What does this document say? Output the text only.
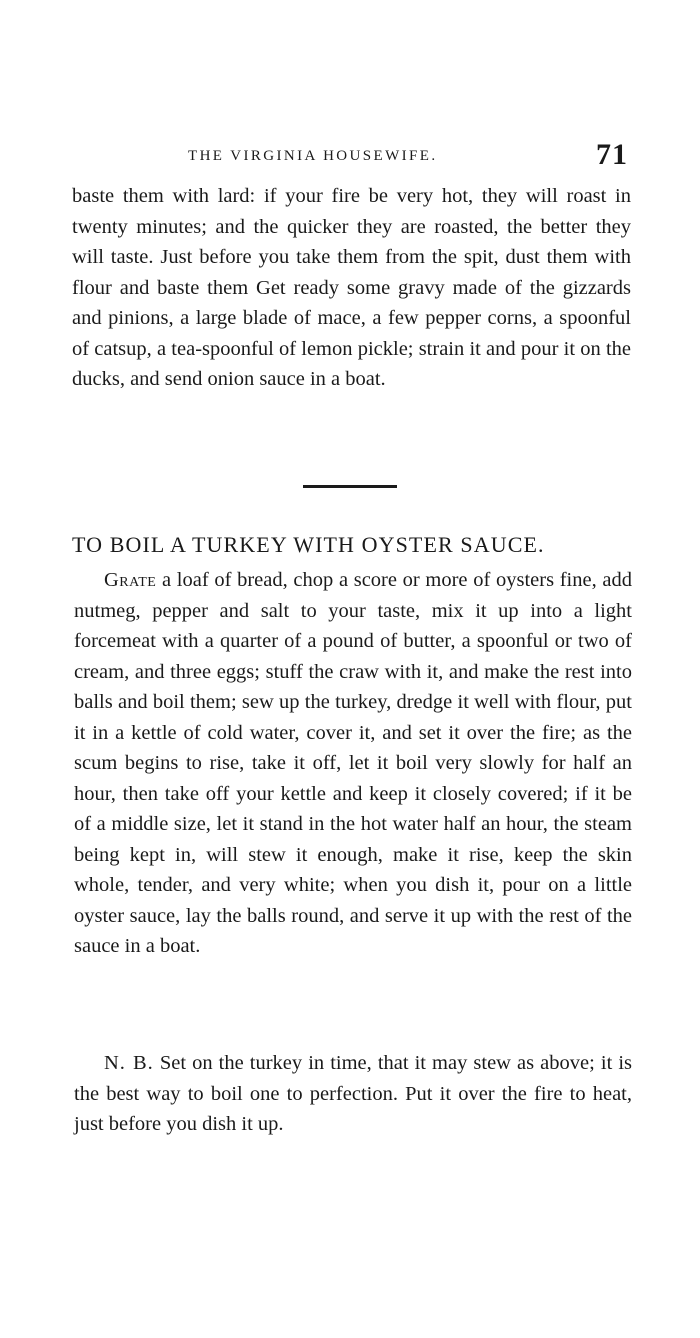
THE VIRGINIA HOUSEWIFE.	71

baste them with lard: if your fire be very hot, they will roast in twenty minutes; and the quicker they are roasted, the better they will taste. Just before you take them from the spit, dust them with flour and baste them Get ready some gravy made of the gizzards and pinions, a large blade of mace, a few pepper corns, a spoonful of catsup, a tea-spoonful of lemon pickle; strain it and pour it on the ducks, and send onion sauce in a boat.

TO BOIL A TURKEY WITH OYSTER SAUCE.

Grate a loaf of bread, chop a score or more of oysters fine, add nutmeg, pepper and salt to your taste, mix it up into a light forcemeat with a quarter of a pound of butter, a spoonful or two of cream, and three eggs; stuff the craw with it, and make the rest into balls and boil them; sew up the turkey, dredge it well with flour, put it in a kettle of cold water, cover it, and set it over the fire; as the scum begins to rise, take it off, let it boil very slowly for half an hour, then take off your kettle and keep it closely covered; if it be of a middle size, let it stand in the hot water half an hour, the steam being kept in, will stew it enough, make it rise, keep the skin whole, tender, and very white; when you dish it, pour on a little oyster sauce, lay the balls round, and serve it up with the rest of the sauce in a boat.

N. B. Set on the turkey in time, that it may stew as above; it is the best way to boil one to perfection. Put it over the fire to heat, just before you dish it up.
